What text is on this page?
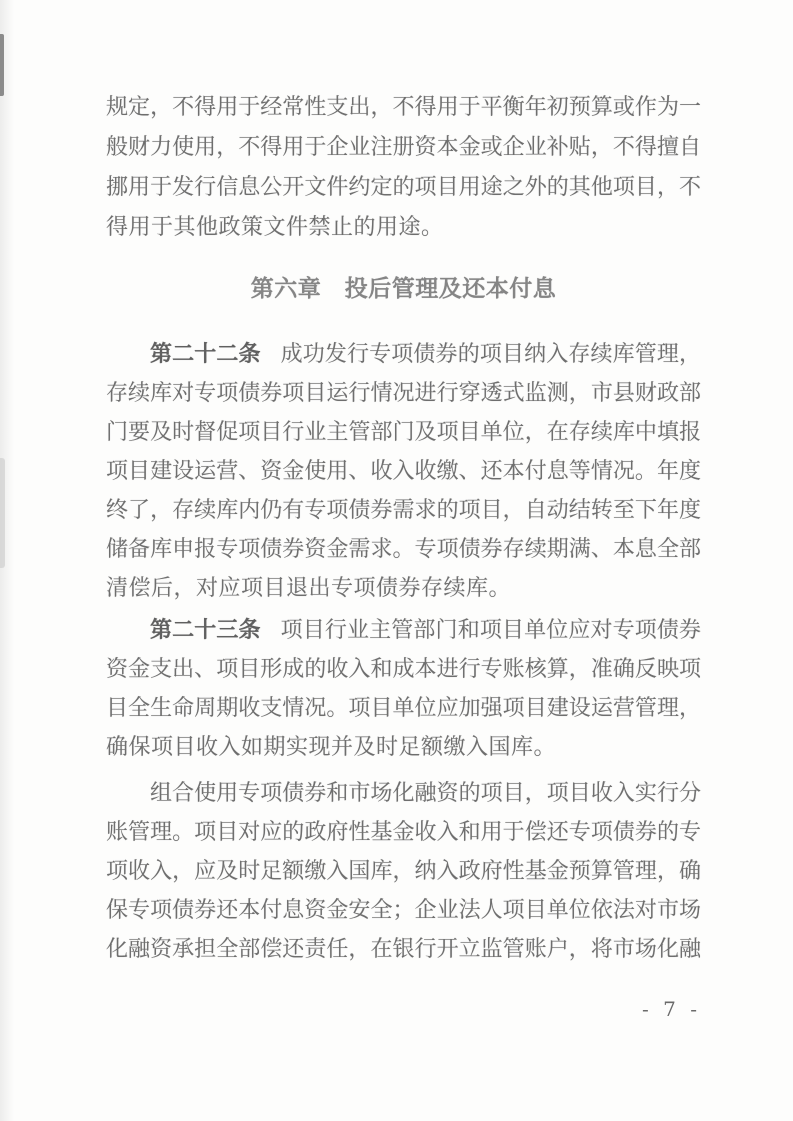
规定，不得用于经常性支出，不得用于平衡年初预算或作为一
般财力使用，不得用于企业注册资本金或企业补贴，不得擅自
挪用于发行信息公开文件约定的项目用途之外的其他项目，不
得用于其他政策文件禁止的用途。
第六章　投后管理及还本付息
第二十二条 成功发行专项债券的项目纳入存续库管理，
存续库对专项债券项目运行情况进行穿透式监测，市县财政部
门要及时督促项目行业主管部门及项目单位，在存续库中填报
项目建设运营、资金使用、收入收缴、还本付息等情况。年度
终了，存续库内仍有专项债券需求的项目，自动结转至下年度
储备库申报专项债券资金需求。专项债券存续期满、本息全部
清偿后，对应项目退出专项债券存续库。
第二十三条 项目行业主管部门和项目单位应对专项债券
资金支出、项目形成的收入和成本进行专账核算，准确反映项
目全生命周期收支情况。项目单位应加强项目建设运营管理，
确保项目收入如期实现并及时足额缴入国库。
组合使用专项债券和市场化融资的项目，项目收入实行分
账管理。项目对应的政府性基金收入和用于偿还专项债券的专
项收入，应及时足额缴入国库，纳入政府性基金预算管理，确
保专项债券还本付息资金安全；企业法人项目单位依法对市场
化融资承担全部偿还责任，在银行开立监管账户，将市场化融
- 7 -
